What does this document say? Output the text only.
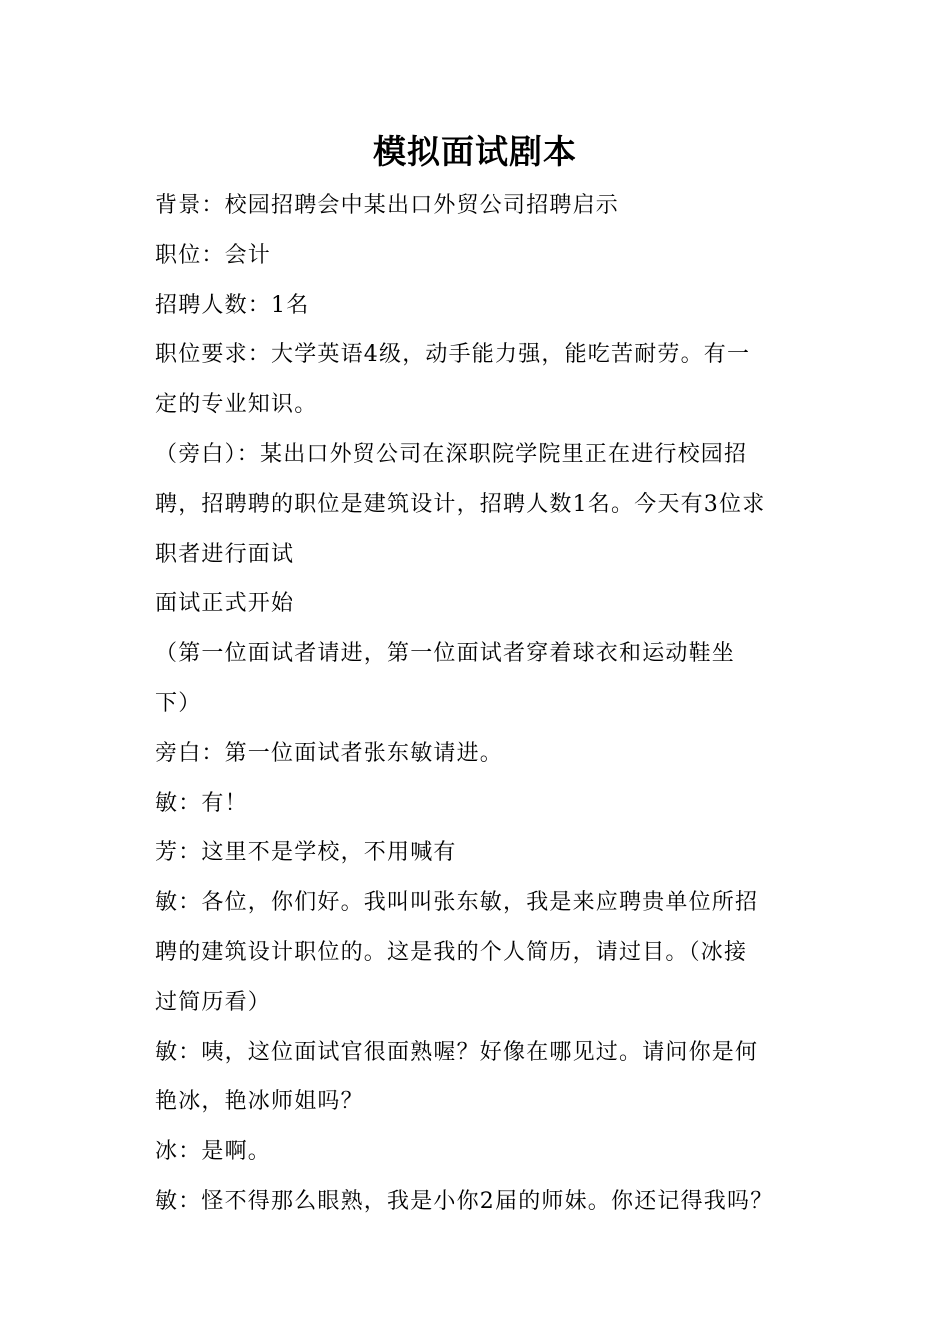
模拟面试剧本
背景：校园招聘会中某出口外贸公司招聘启示
职位：会计
招聘人数：1名
职位要求：大学英语4级，动手能力强，能吃苦耐劳。有一
定的专业知识。
（旁白）：某出口外贸公司在深职院学院里正在进行校园招
聘，招聘聘的职位是建筑设计，招聘人数1名。今天有3位求
职者进行面试
面试正式开始
（第一位面试者请进，第一位面试者穿着球衣和运动鞋坐
下）
旁白：第一位面试者张东敏请进。
敏：有！
芳：这里不是学校，不用喊有
敏：各位，你们好。我叫叫张东敏，我是来应聘贵单位所招
聘的建筑设计职位的。这是我的个人简历，请过目。（冰接
过简历看）
敏：咦，这位面试官很面熟喔？好像在哪见过。请问你是何
艳冰，艳冰师姐吗？
冰：是啊。
敏：怪不得那么眼熟，我是小你2届的师妹。你还记得我吗？
